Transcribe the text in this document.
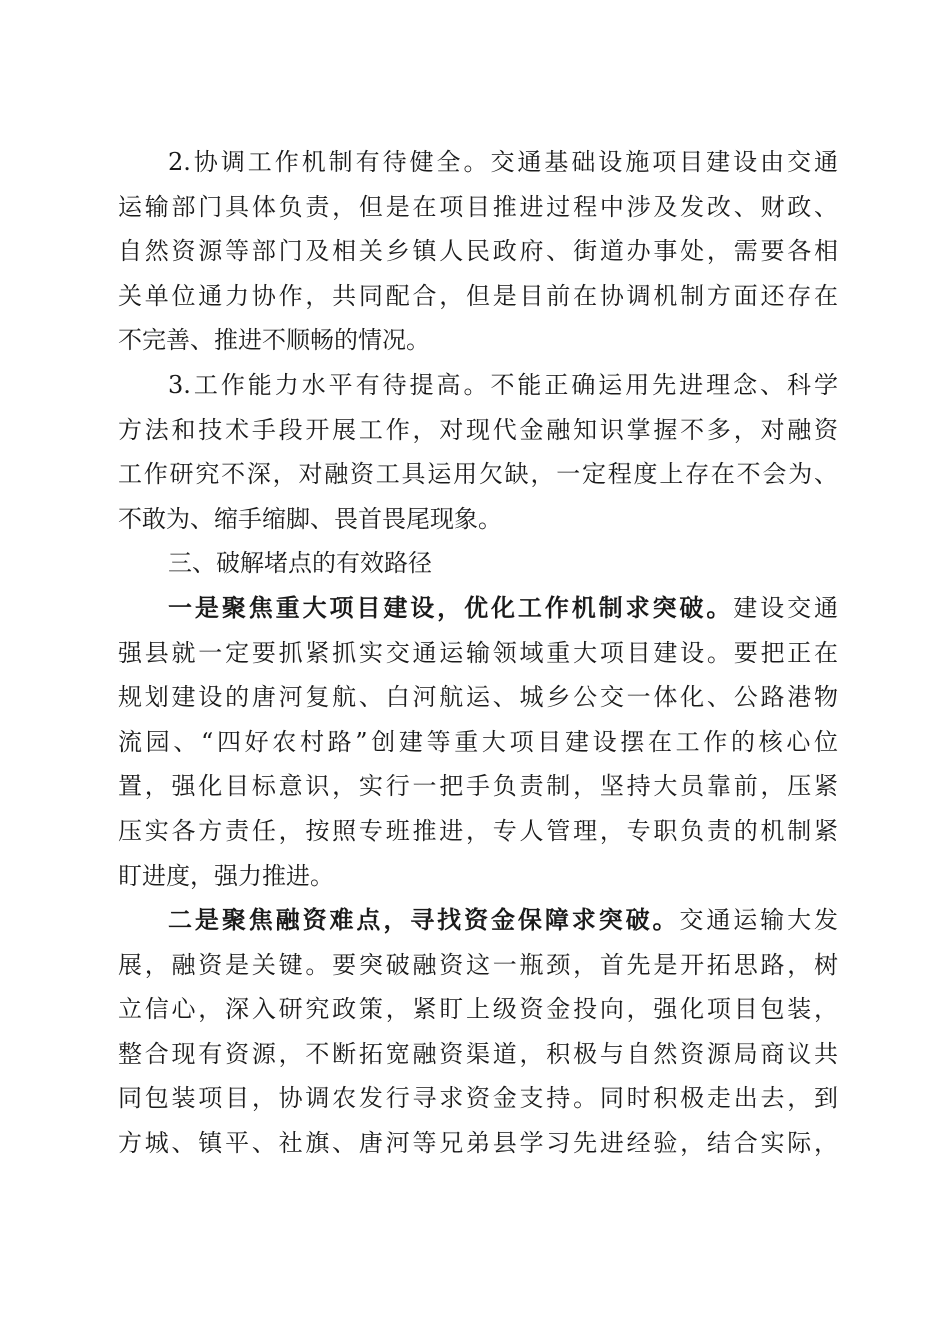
2.协调工作机制有待健全。交通基础设施项目建设由交通
运输部门具体负责，但是在项目推进过程中涉及发改、财政、
自然资源等部门及相关乡镇人民政府、街道办事处，需要各相
关单位通力协作，共同配合，但是目前在协调机制方面还存在
不完善、推进不顺畅的情况。
3.工作能力水平有待提高。不能正确运用先进理念、科学
方法和技术手段开展工作，对现代金融知识掌握不多，对融资
工作研究不深，对融资工具运用欠缺，一定程度上存在不会为、
不敢为、缩手缩脚、畏首畏尾现象。
三、破解堵点的有效路径
一是聚焦重大项目建设，优化工作机制求突破。建设交通
强县就一定要抓紧抓实交通运输领域重大项目建设。要把正在
规划建设的唐河复航、白河航运、城乡公交一体化、公路港物
流园、“四好农村路”创建等重大项目建设摆在工作的核心位
置，强化目标意识，实行一把手负责制，坚持大员靠前，压紧
压实各方责任，按照专班推进，专人管理，专职负责的机制紧
盯进度，强力推进。
二是聚焦融资难点，寻找资金保障求突破。交通运输大发
展，融资是关键。要突破融资这一瓶颈，首先是开拓思路，树
立信心，深入研究政策，紧盯上级资金投向，强化项目包装，
整合现有资源，不断拓宽融资渠道，积极与自然资源局商议共
同包装项目，协调农发行寻求资金支持。同时积极走出去，到
方城、镇平、社旗、唐河等兄弟县学习先进经验，结合实际，
